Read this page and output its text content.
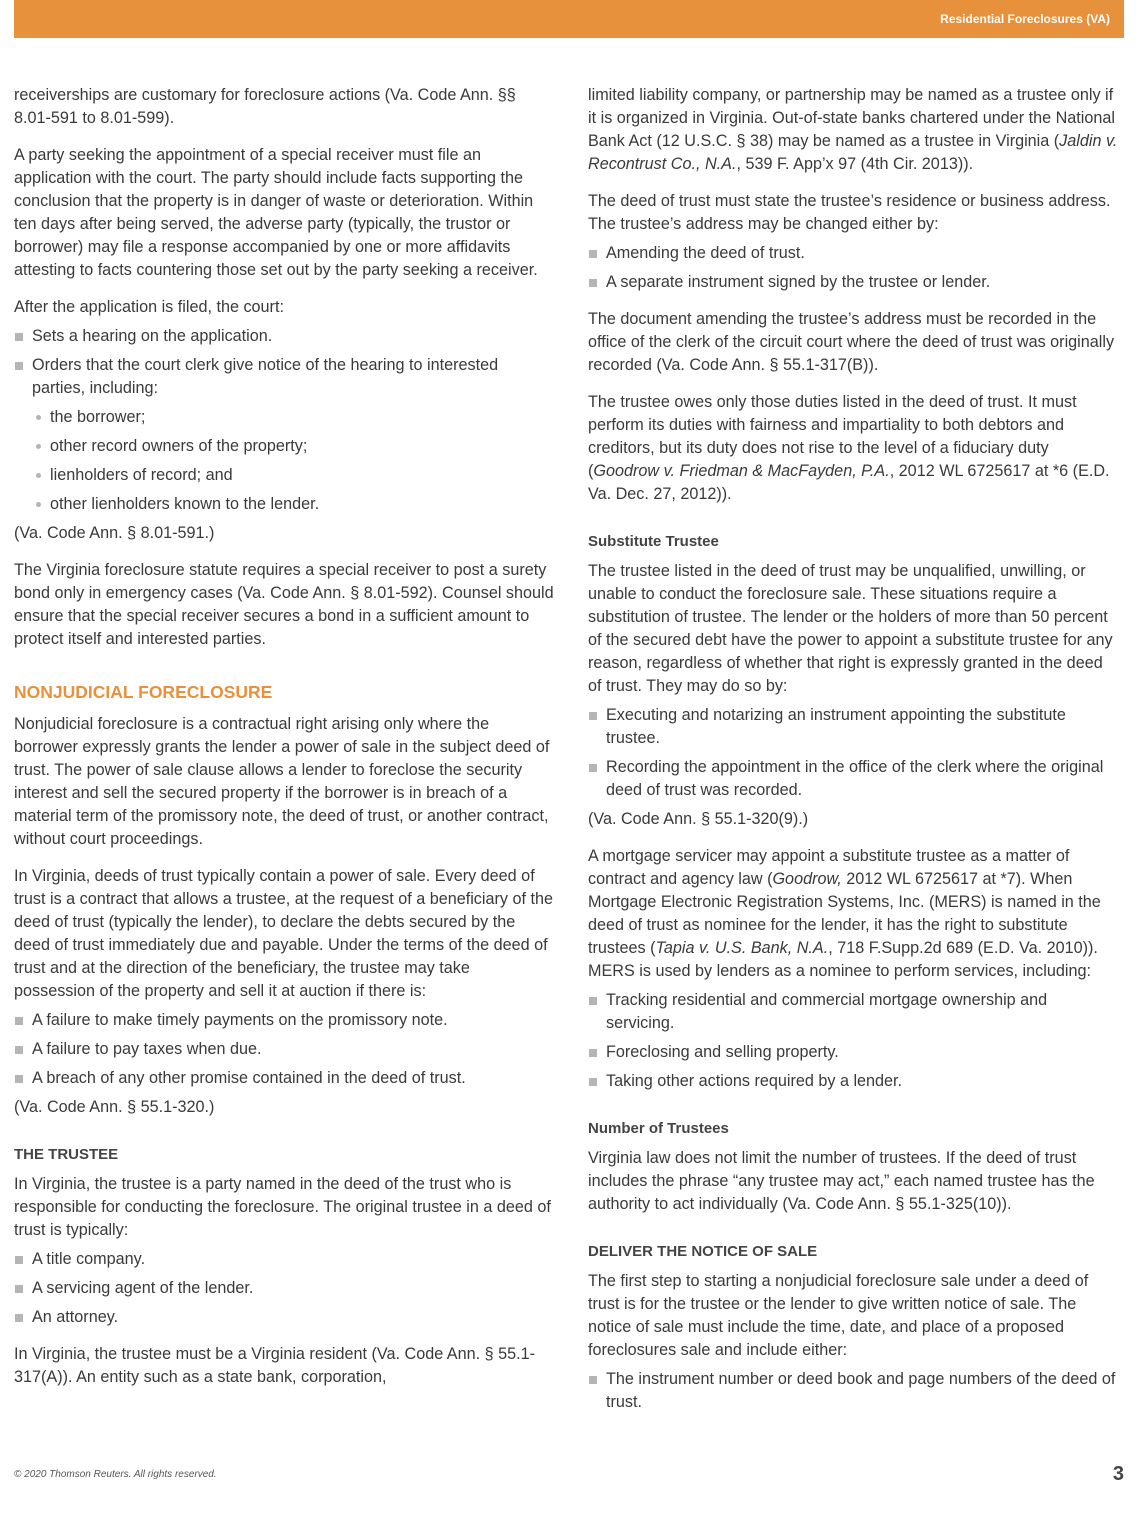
Residential Foreclosures (VA)

receiverships are customary for foreclosure actions (Va. Code Ann. §§ 8.01-591 to 8.01-599).

A party seeking the appointment of a special receiver must file an application with the court. The party should include facts supporting the conclusion that the property is in danger of waste or deterioration. Within ten days after being served, the adverse party (typically, the trustor or borrower) may file a response accompanied by one or more affidavits attesting to facts countering those set out by the party seeking a receiver.

After the application is filed, the court:

Sets a hearing on the application.
Orders that the court clerk give notice of the hearing to interested parties, including:
the borrower;
other record owners of the property;
lienholders of record; and
other lienholders known to the lender.

(Va. Code Ann. § 8.01-591.)

The Virginia foreclosure statute requires a special receiver to post a surety bond only in emergency cases (Va. Code Ann. § 8.01-592). Counsel should ensure that the special receiver secures a bond in a sufficient amount to protect itself and interested parties.

NONJUDICIAL FORECLOSURE

Nonjudicial foreclosure is a contractual right arising only where the borrower expressly grants the lender a power of sale in the subject deed of trust. The power of sale clause allows a lender to foreclose the security interest and sell the secured property if the borrower is in breach of a material term of the promissory note, the deed of trust, or another contract, without court proceedings.

In Virginia, deeds of trust typically contain a power of sale. Every deed of trust is a contract that allows a trustee, at the request of a beneficiary of the deed of trust (typically the lender), to declare the debts secured by the deed of trust immediately due and payable. Under the terms of the deed of trust and at the direction of the beneficiary, the trustee may take possession of the property and sell it at auction if there is:

A failure to make timely payments on the promissory note.
A failure to pay taxes when due.
A breach of any other promise contained in the deed of trust.

(Va. Code Ann. § 55.1-320.)

THE TRUSTEE

In Virginia, the trustee is a party named in the deed of the trust who is responsible for conducting the foreclosure. The original trustee in a deed of trust is typically:

A title company.
A servicing agent of the lender.
An attorney.

In Virginia, the trustee must be a Virginia resident (Va. Code Ann. § 55.1-317(A)). An entity such as a state bank, corporation,

limited liability company, or partnership may be named as a trustee only if it is organized in Virginia. Out-of-state banks chartered under the National Bank Act (12 U.S.C. § 38) may be named as a trustee in Virginia (Jaldin v. Recontrust Co., N.A., 539 F. App’x 97 (4th Cir. 2013)).

The deed of trust must state the trustee’s residence or business address. The trustee’s address may be changed either by:

Amending the deed of trust.
A separate instrument signed by the trustee or lender.

The document amending the trustee’s address must be recorded in the office of the clerk of the circuit court where the deed of trust was originally recorded (Va. Code Ann. § 55.1-317(B)).

The trustee owes only those duties listed in the deed of trust. It must perform its duties with fairness and impartiality to both debtors and creditors, but its duty does not rise to the level of a fiduciary duty (Goodrow v. Friedman & MacFayden, P.A., 2012 WL 6725617 at *6 (E.D. Va. Dec. 27, 2012)).

Substitute Trustee

The trustee listed in the deed of trust may be unqualified, unwilling, or unable to conduct the foreclosure sale. These situations require a substitution of trustee. The lender or the holders of more than 50 percent of the secured debt have the power to appoint a substitute trustee for any reason, regardless of whether that right is expressly granted in the deed of trust. They may do so by:

Executing and notarizing an instrument appointing the substitute trustee.
Recording the appointment in the office of the clerk where the original deed of trust was recorded.

(Va. Code Ann. § 55.1-320(9).)

A mortgage servicer may appoint a substitute trustee as a matter of contract and agency law (Goodrow, 2012 WL 6725617 at *7). When Mortgage Electronic Registration Systems, Inc. (MERS) is named in the deed of trust as nominee for the lender, it has the right to substitute trustees (Tapia v. U.S. Bank, N.A., 718 F.Supp.2d 689 (E.D. Va. 2010)). MERS is used by lenders as a nominee to perform services, including:

Tracking residential and commercial mortgage ownership and servicing.
Foreclosing and selling property.
Taking other actions required by a lender.
Number of Trustees

Virginia law does not limit the number of trustees. If the deed of trust includes the phrase “any trustee may act,” each named trustee has the authority to act individually (Va. Code Ann. § 55.1-325(10)).

DELIVER THE NOTICE OF SALE

The first step to starting a nonjudicial foreclosure sale under a deed of trust is for the trustee or the lender to give written notice of sale. The notice of sale must include the time, date, and place of a proposed foreclosures sale and include either:

The instrument number or deed book and page numbers of the deed of trust.
© 2020 Thomson Reuters. All rights reserved.	3
